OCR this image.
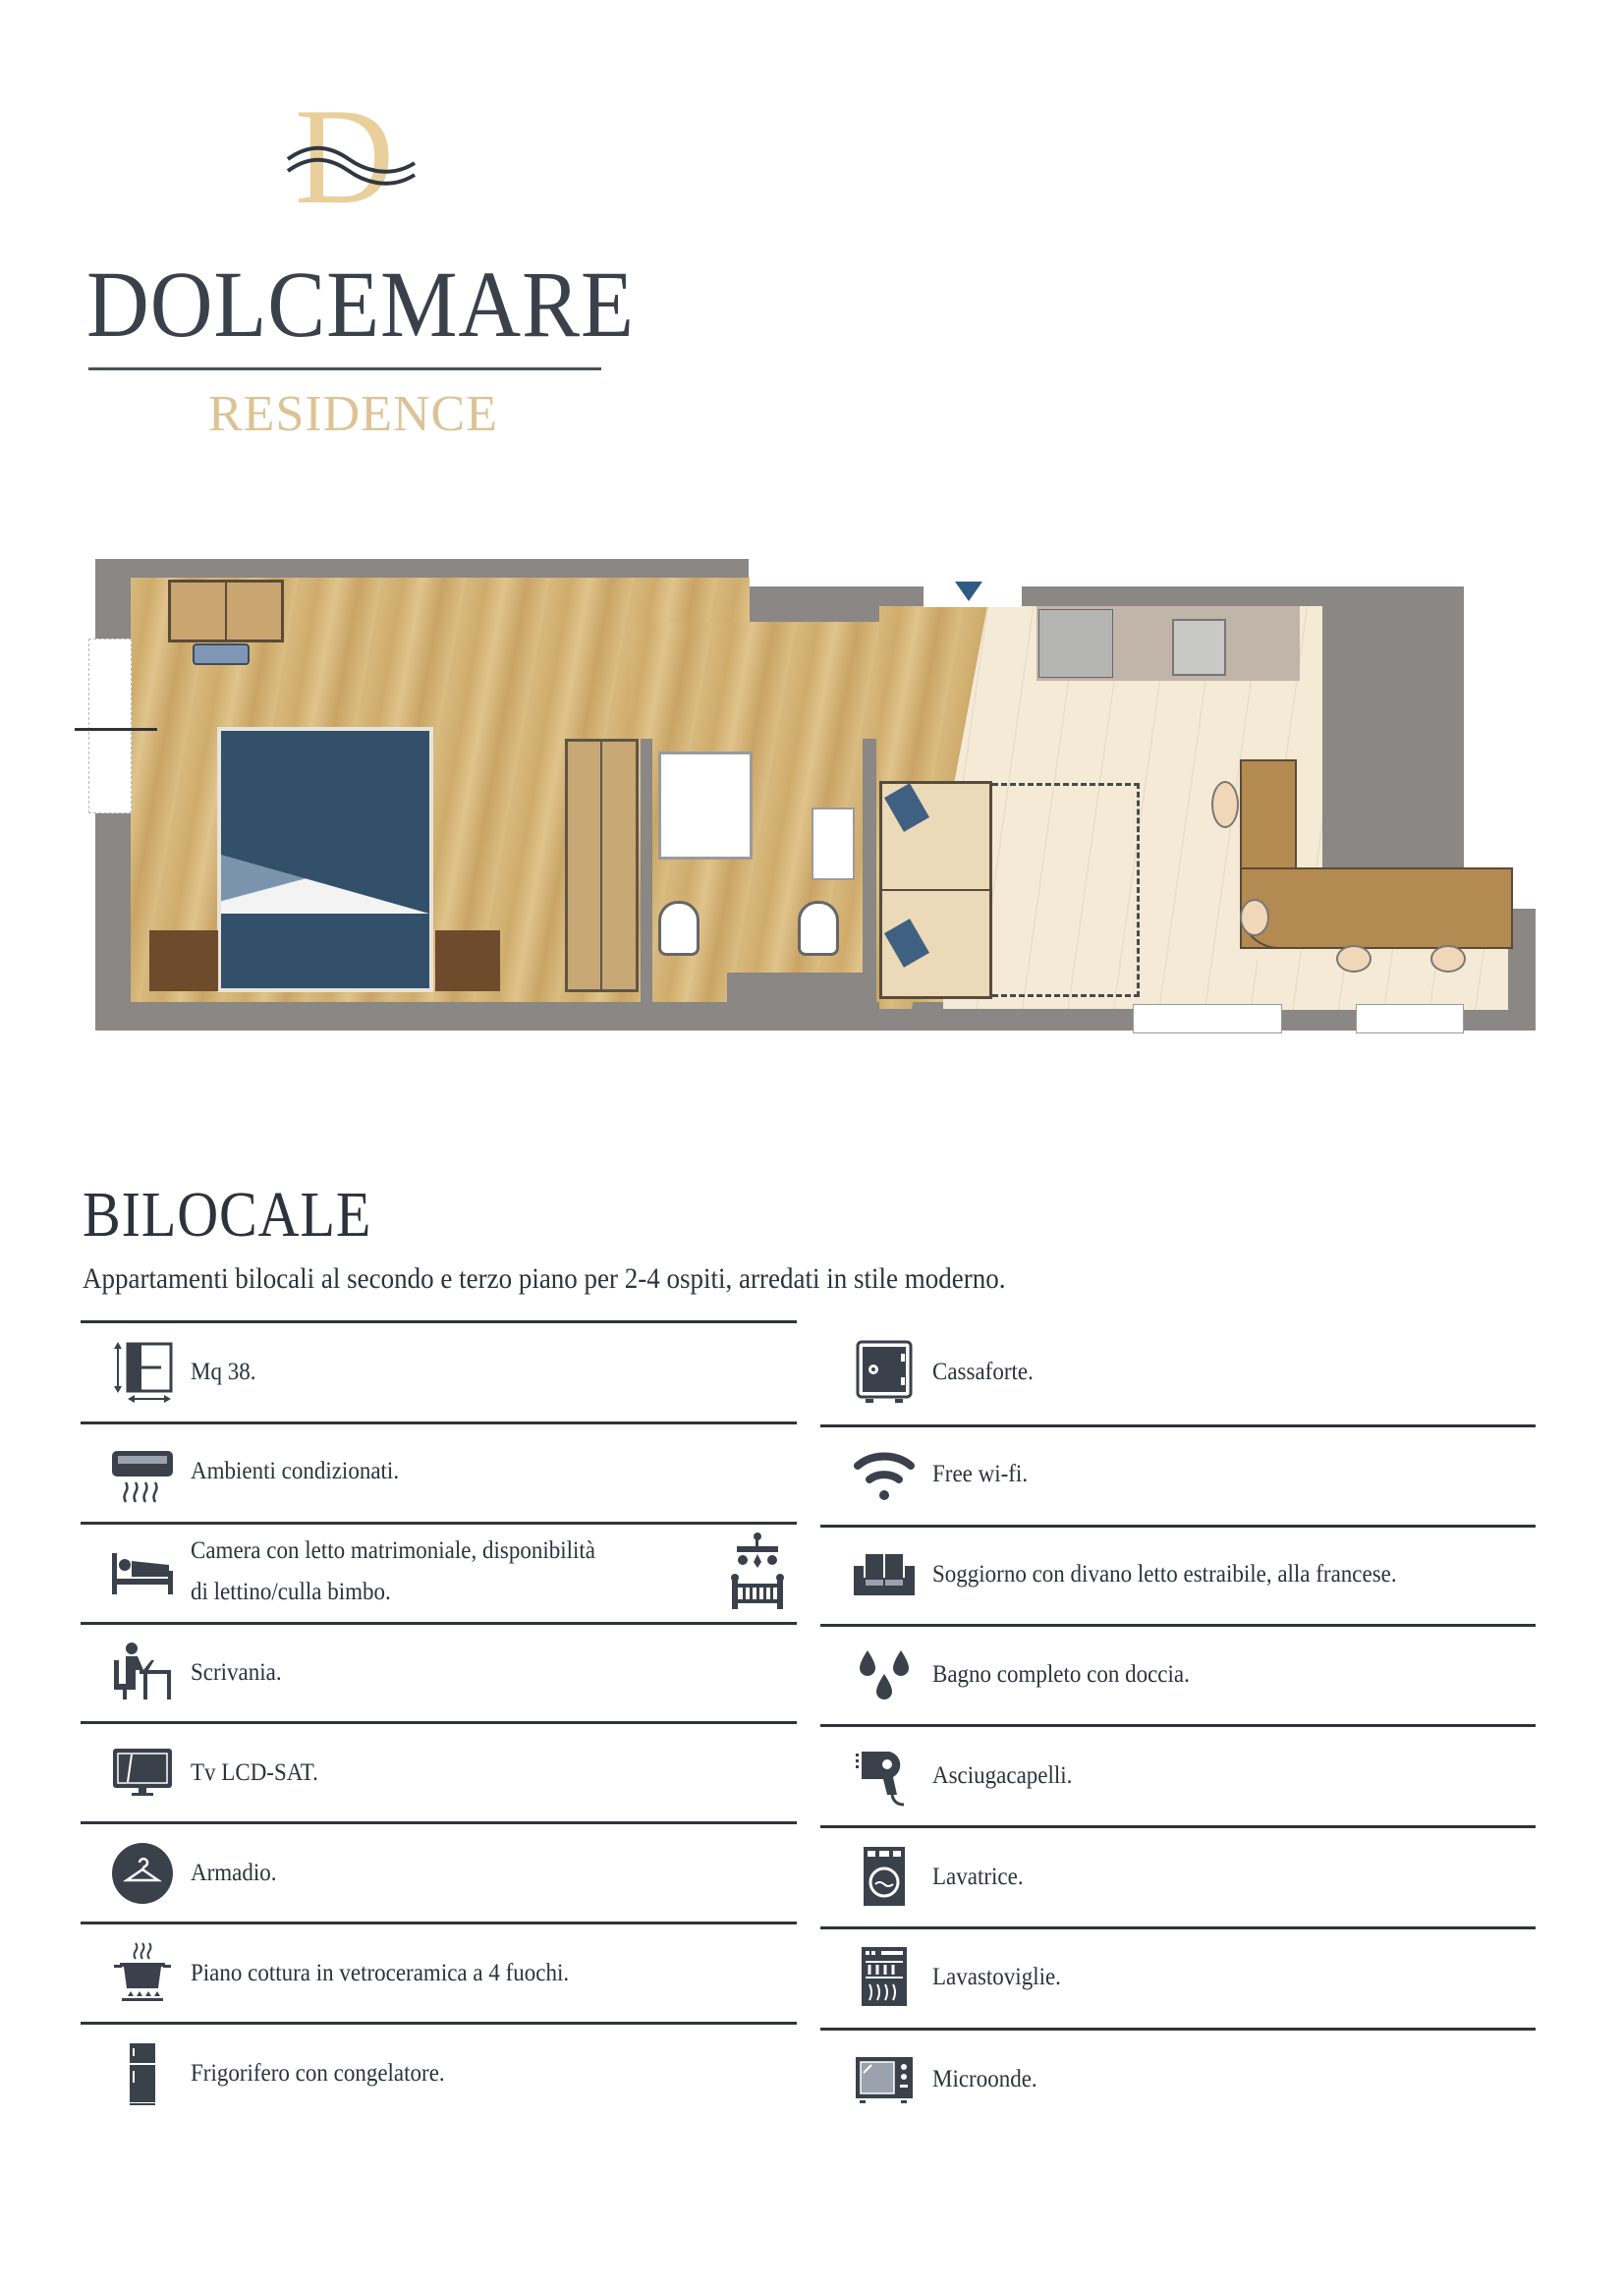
D
DOLCEMARE
RESIDENCE
BILOCALE
Appartamenti bilocali al secondo e terzo piano per 2-4 ospiti, arredati in stile moderno.
Mq 38.
Ambienti condizionati.
Camera con letto matrimoniale, disponibilità
di lettino/culla bimbo.
Scrivania.
Tv LCD-SAT.
Armadio.
Piano cottura in vetroceramica a 4 fuochi.
Frigorifero con congelatore.
Cassaforte.
Free wi-fi.
Soggiorno con divano letto estraibile, alla francese.
Bagno completo con doccia.
Asciugacapelli.
Lavatrice.
Lavastoviglie.
Microonde.
